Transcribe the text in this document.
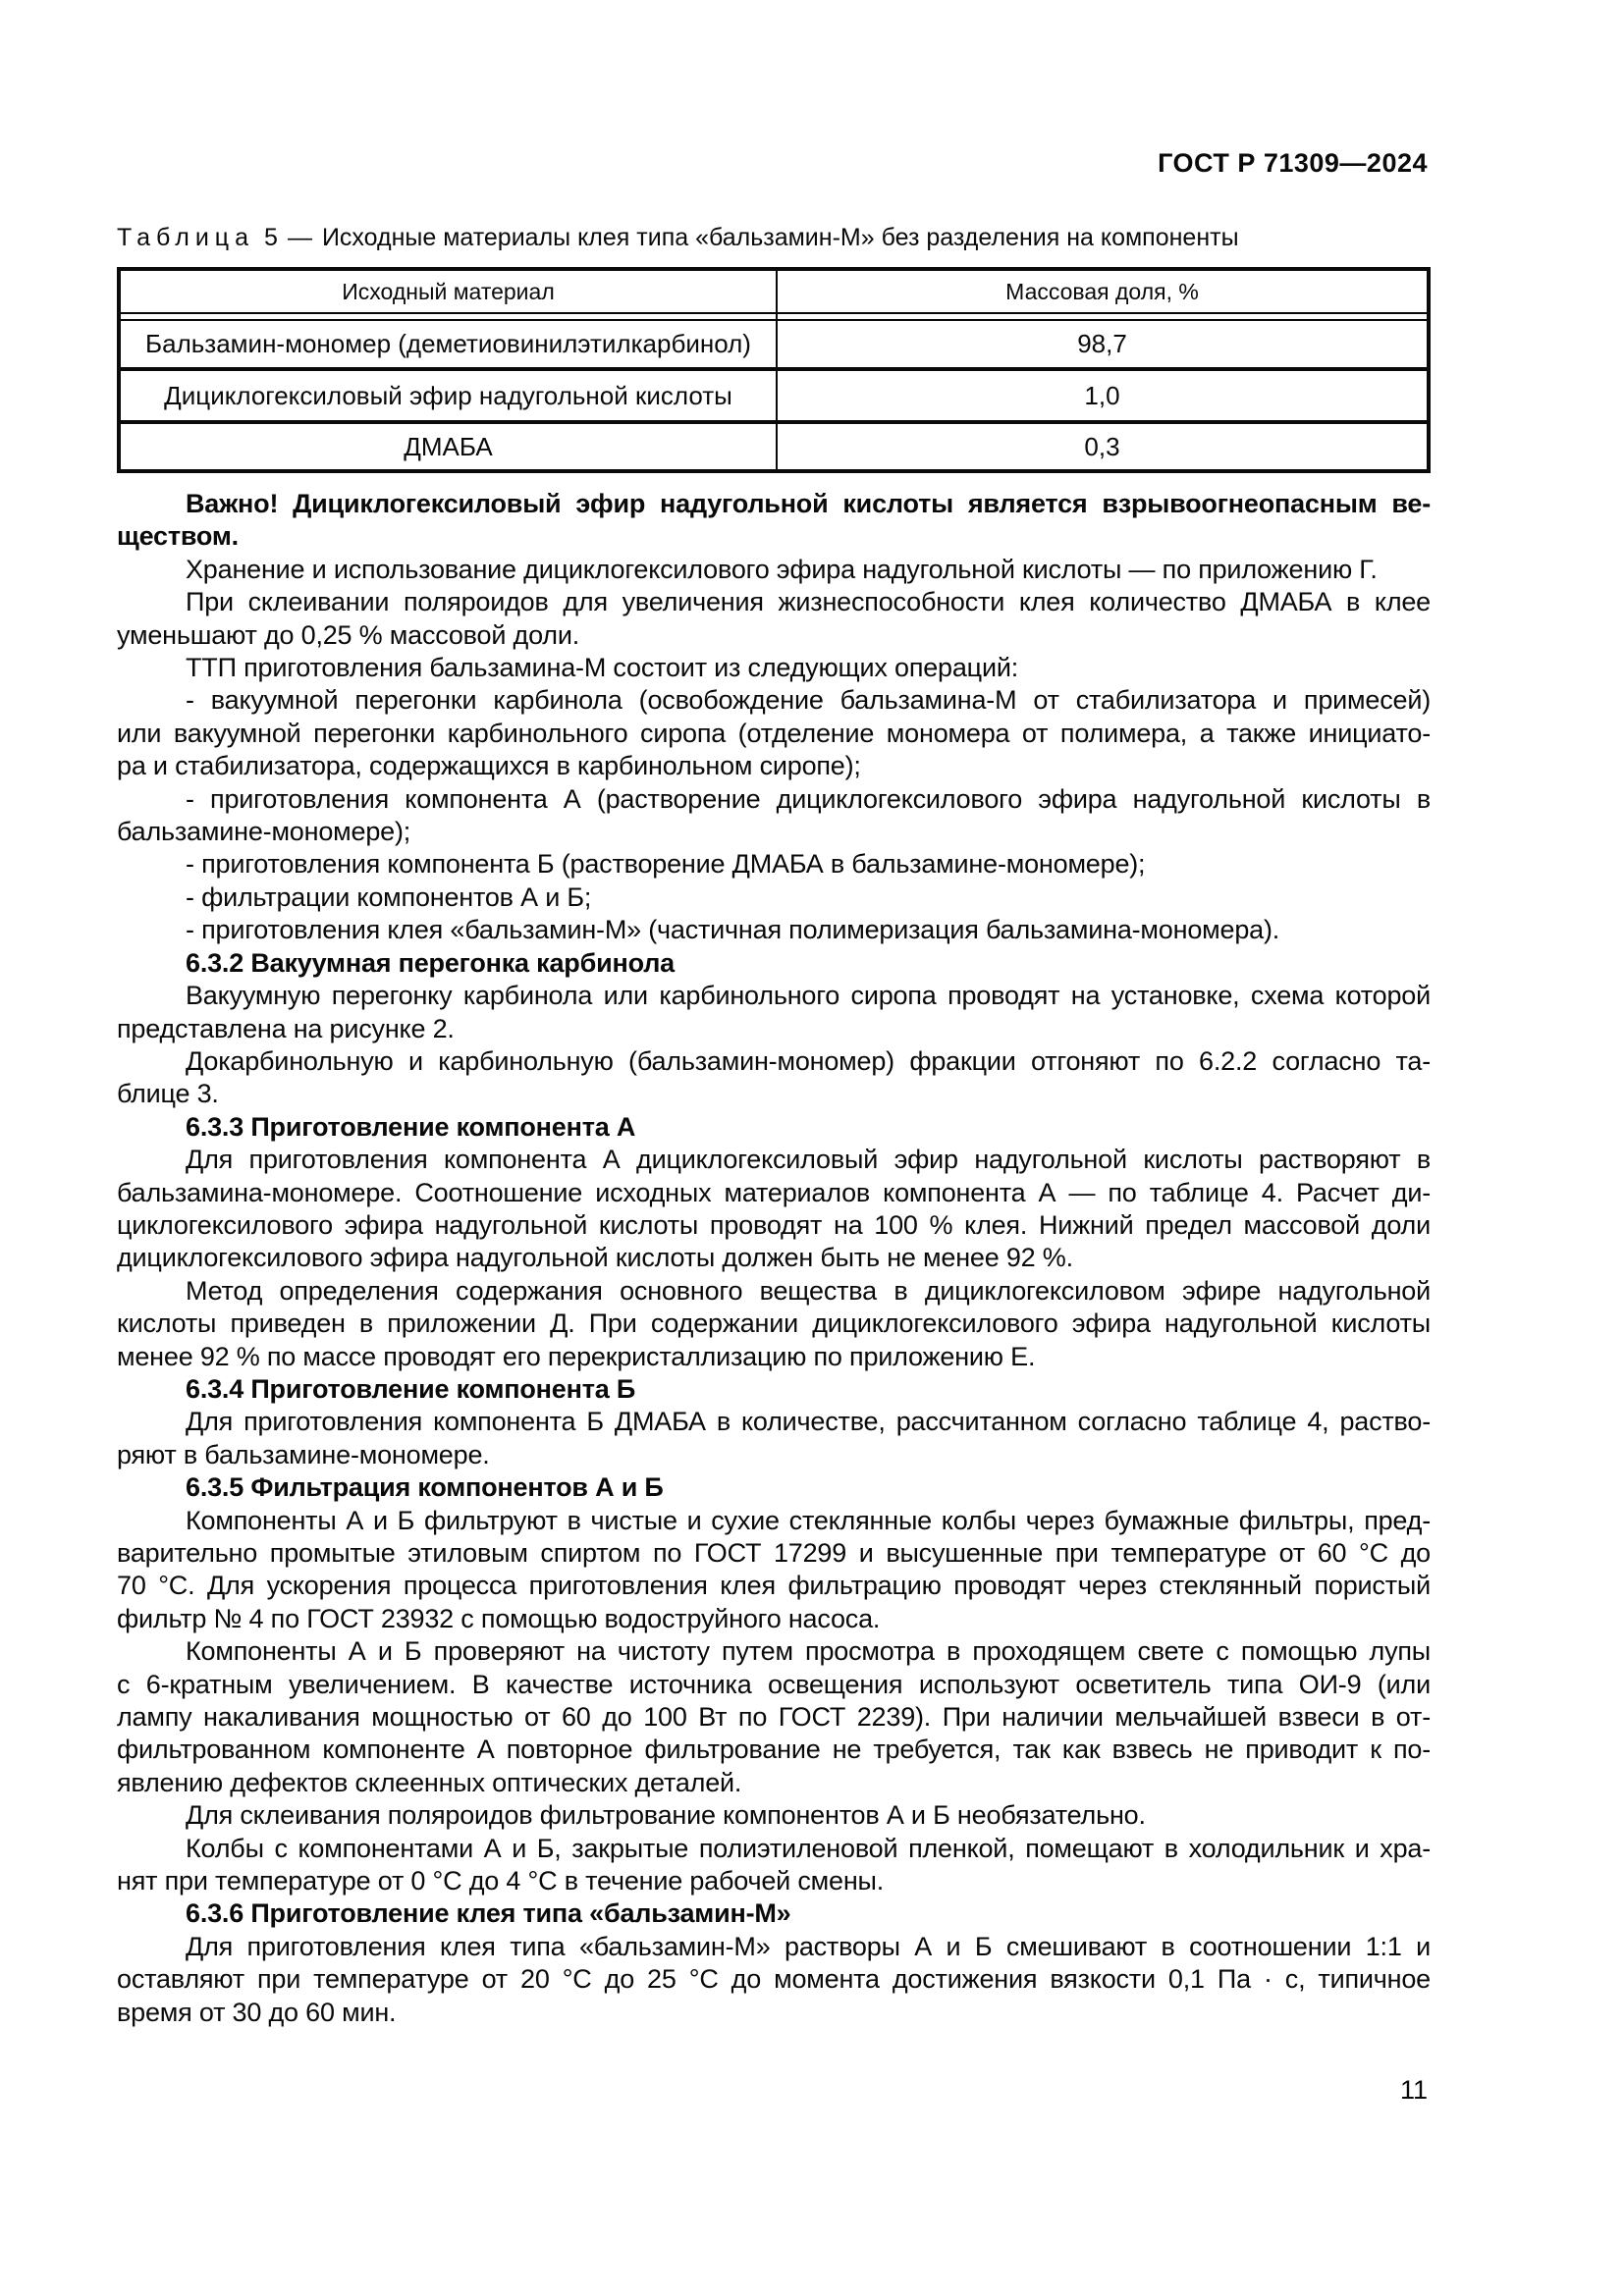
ГОСТ Р 71309—2024
Таблица 5 — Исходные материалы клея типа «бальзамин-М» без разделения на компоненты
Исходный материал	Массовая доля, %
Бальзамин-мономер (деметиовинилэтилкарбинол)	98,7
Дициклогексиловый эфир надугольной кислоты	1,0
ДМАБА	0,3
Важно! Дициклогексиловый эфир надугольной кислоты является взрывоогнеопасным ве-
ществом.
Хранение и использование дициклогексилового эфира надугольной кислоты — по приложению Г.
При склеивании поляроидов для увеличения жизнеспособности клея количество ДМАБА в клее
уменьшают до 0,25 % массовой доли.
ТТП приготовления бальзамина-М состоит из следующих операций:
- вакуумной перегонки карбинола (освобождение бальзамина-М от стабилизатора и примесей)
или вакуумной перегонки карбинольного сиропа (отделение мономера от полимера, а также инициато-
ра и стабилизатора, содержащихся в карбинольном сиропе);
- приготовления компонента А (растворение дициклогексилового эфира надугольной кислоты в
бальзамине-мономере);
- приготовления компонента Б (растворение ДМАБА в бальзамине-мономере);
- фильтрации компонентов А и Б;
- приготовления клея «бальзамин-М» (частичная полимеризация бальзамина-мономера).
6.3.2 Вакуумная перегонка карбинола
Вакуумную перегонку карбинола или карбинольного сиропа проводят на установке, схема которой
представлена на рисунке 2.
Докарбинольную и карбинольную (бальзамин-мономер) фракции отгоняют по 6.2.2 согласно та-
блице 3.
6.3.3 Приготовление компонента А
Для приготовления компонента А дициклогексиловый эфир надугольной кислоты растворяют в
бальзамина-мономере. Соотношение исходных материалов компонента А — по таблице 4. Расчет ди-
циклогексилового эфира надугольной кислоты проводят на 100 % клея. Нижний предел массовой доли
дициклогексилового эфира надугольной кислоты должен быть не менее 92 %.
Метод определения содержания основного вещества в дициклогексиловом эфире надугольной
кислоты приведен в приложении Д. При содержании дициклогексилового эфира надугольной кислоты
менее 92 % по массе проводят его перекристаллизацию по приложению Е.
6.3.4 Приготовление компонента Б
Для приготовления компонента Б ДМАБА в количестве, рассчитанном согласно таблице 4, раство-
ряют в бальзамине-мономере.
6.3.5 Фильтрация компонентов А и Б
Компоненты А и Б фильтруют в чистые и сухие стеклянные колбы через бумажные фильтры, пред-
варительно промытые этиловым спиртом по ГОСТ 17299 и высушенные при температуре от 60 °С до
70 °С. Для ускорения процесса приготовления клея фильтрацию проводят через стеклянный пористый
фильтр № 4 по ГОСТ 23932 с помощью водоструйного насоса.
Компоненты А и Б проверяют на чистоту путем просмотра в проходящем свете с помощью лупы
с 6-кратным увеличением. В качестве источника освещения используют осветитель типа ОИ-9 (или
лампу накаливания мощностью от 60 до 100 Вт по ГОСТ 2239). При наличии мельчайшей взвеси в от-
фильтрованном компоненте А повторное фильтрование не требуется, так как взвесь не приводит к по-
явлению дефектов склеенных оптических деталей.
Для склеивания поляроидов фильтрование компонентов А и Б необязательно.
Колбы с компонентами А и Б, закрытые полиэтиленовой пленкой, помещают в холодильник и хра-
нят при температуре от 0 °С до 4 °С в течение рабочей смены.
6.3.6 Приготовление клея типа «бальзамин-М»
Для приготовления клея типа «бальзамин-М» растворы А и Б смешивают в соотношении 1:1 и
оставляют при температуре от 20 °С до 25 °С до момента достижения вязкости 0,1 Па · с, типичное
время от 30 до 60 мин.
11
